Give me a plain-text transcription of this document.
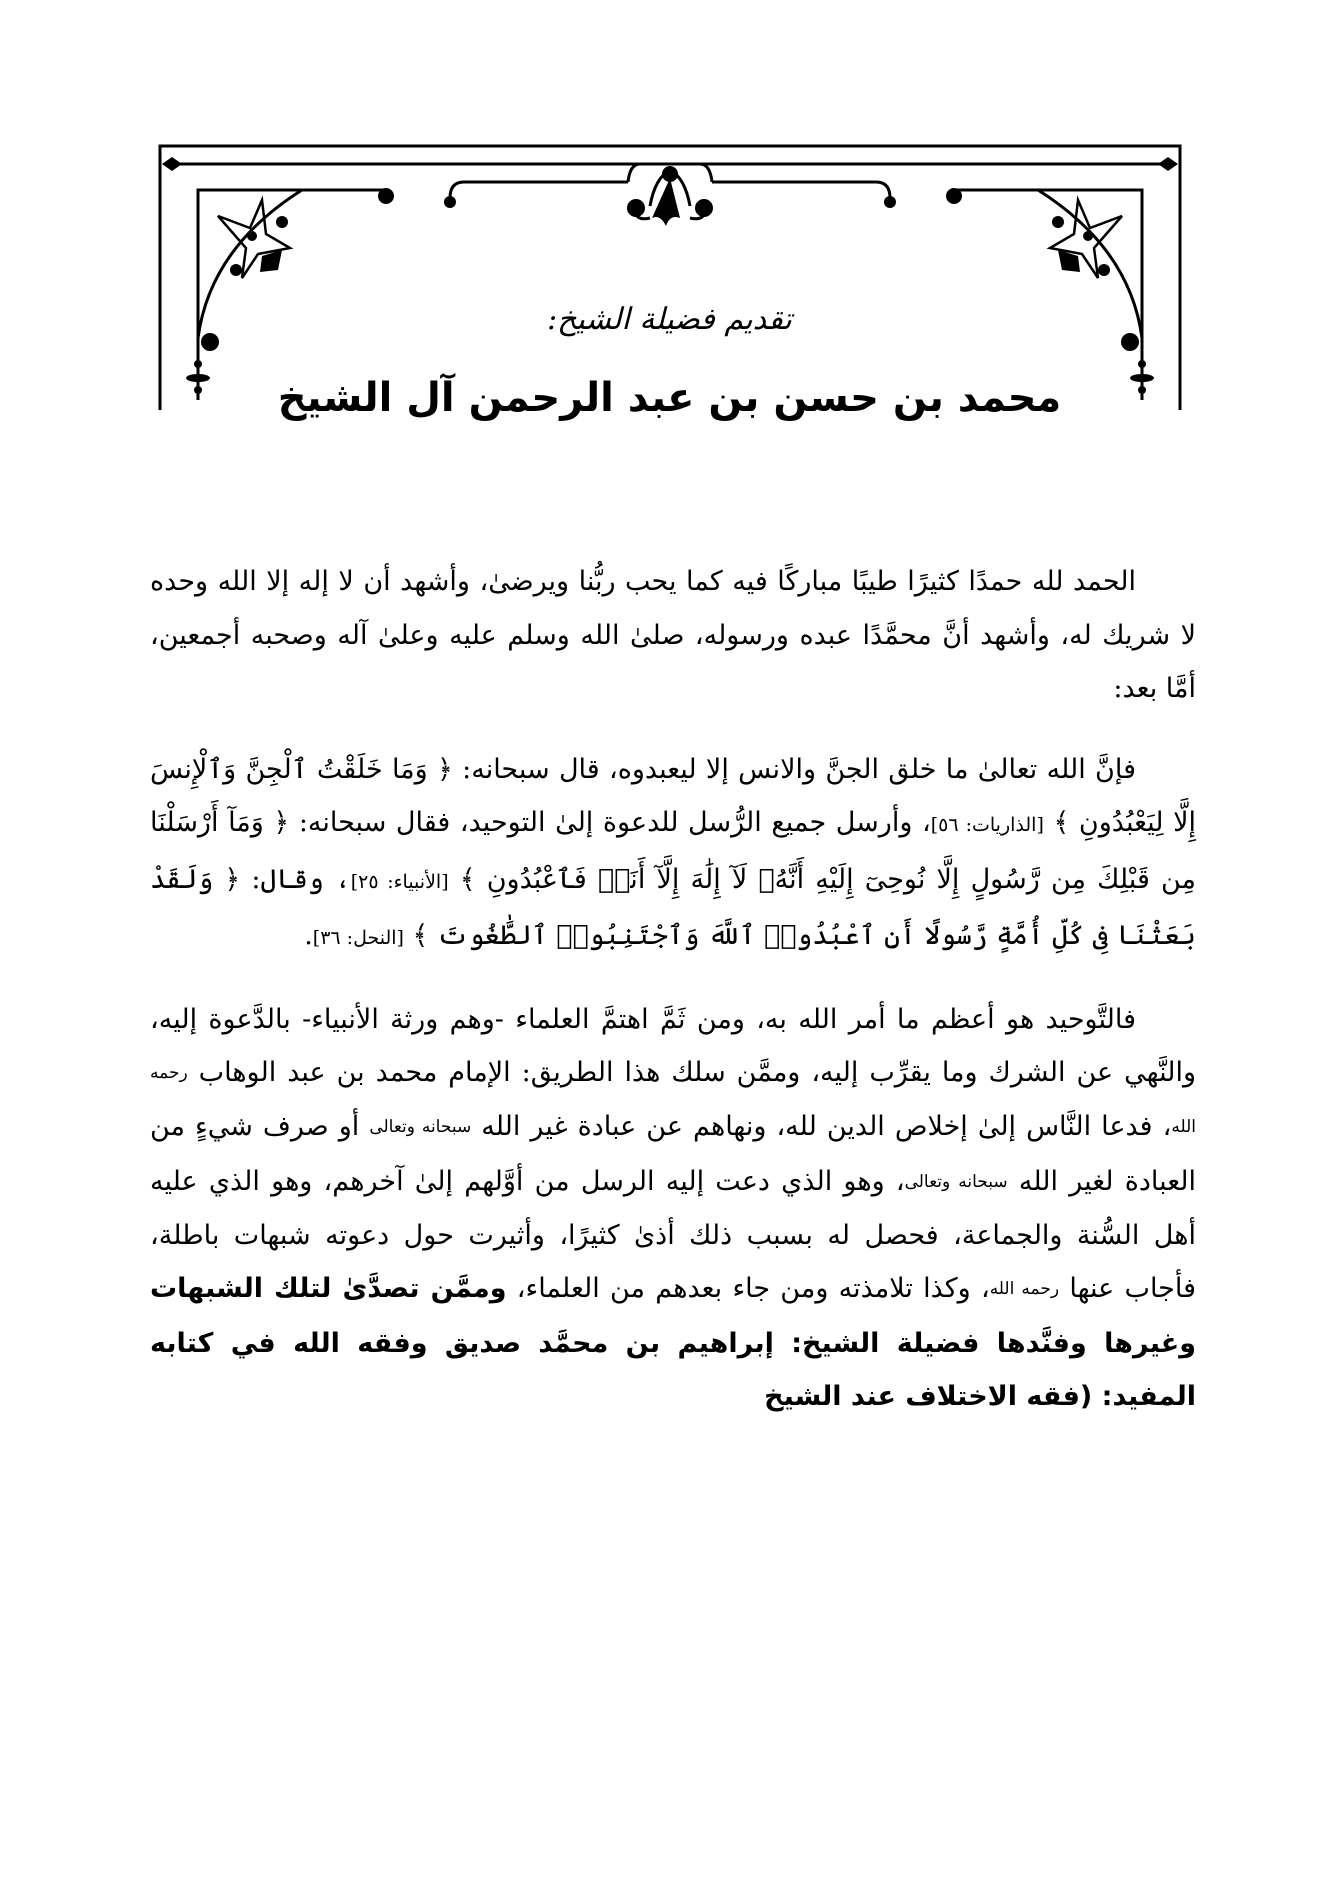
تقديم فضيلة الشيخ:
محمد بن حسن بن عبد الرحمن آل الشيخ

الحمد لله حمدًا كثيرًا طيبًا مباركًا فيه كما يحب ربُّنا ويرضىٰ، وأشهد أن لا إله إلا الله وحده لا شريك له، وأشهد أنَّ محمَّدًا عبده ورسوله، صلىٰ الله وسلم عليه وعلىٰ آله وصحبه أجمعين، أمَّا بعد:

فإنَّ الله تعالىٰ ما خلق الجنَّ والانس إلا ليعبدوه، قال سبحانه: ﴿ وَمَا خَلَقْتُ ٱلْجِنَّ وَٱلْإِنسَ إِلَّا لِيَعْبُدُونِ ﴾ [الذاريات: ٥٦]، وأرسل جميع الرُّسل للدعوة إلىٰ التوحيد، فقال سبحانه: ﴿ وَمَآ أَرْسَلْنَا مِن قَبْلِكَ مِن رَّسُولٍ إِلَّا نُوحِىٓ إِلَيْهِ أَنَّهُۥ لَآ إِلَٰهَ إِلَّآ أَنَا۠ فَٱعْبُدُونِ ﴾ [الأنبياء: ٢٥]، وقال: ﴿ وَلَقَدْ بَعَثْنَا فِى كُلِّ أُمَّةٍ رَّسُولًا أَنِ ٱعْبُدُوا۟ ٱللَّهَ وَٱجْتَنِبُوا۟ ٱلطَّٰغُوتَ ﴾ [النحل: ٣٦].

فالتَّوحيد هو أعظم ما أمر الله به، ومن ثَمَّ اهتمَّ العلماء -وهم ورثة الأنبياء- بالدَّعوة إليه، والنَّهي عن الشرك وما يقرِّب إليه، وممَّن سلك هذا الطريق: الإمام محمد بن عبد الوهاب رحمه الله، فدعا النَّاس إلىٰ إخلاص الدين لله، ونهاهم عن عبادة غير الله سبحانه وتعالى أو صرف شيءٍ من العبادة لغير الله سبحانه وتعالى، وهو الذي دعت إليه الرسل من أوَّلهم إلىٰ آخرهم، وهو الذي عليه أهل السُّنة والجماعة، فحصل له بسبب ذلك أذىٰ كثيرًا، وأثيرت حول دعوته شبهات باطلة، فأجاب عنها رحمه الله، وكذا تلامذته ومن جاء بعدهم من العلماء، وممَّن تصدَّىٰ لتلك الشبهات وغيرها وفنَّدها فضيلة الشيخ: إبراهيم بن محمَّد صديق وفقه الله في كتابه المفيد: (فقه الاختلاف عند الشيخ
